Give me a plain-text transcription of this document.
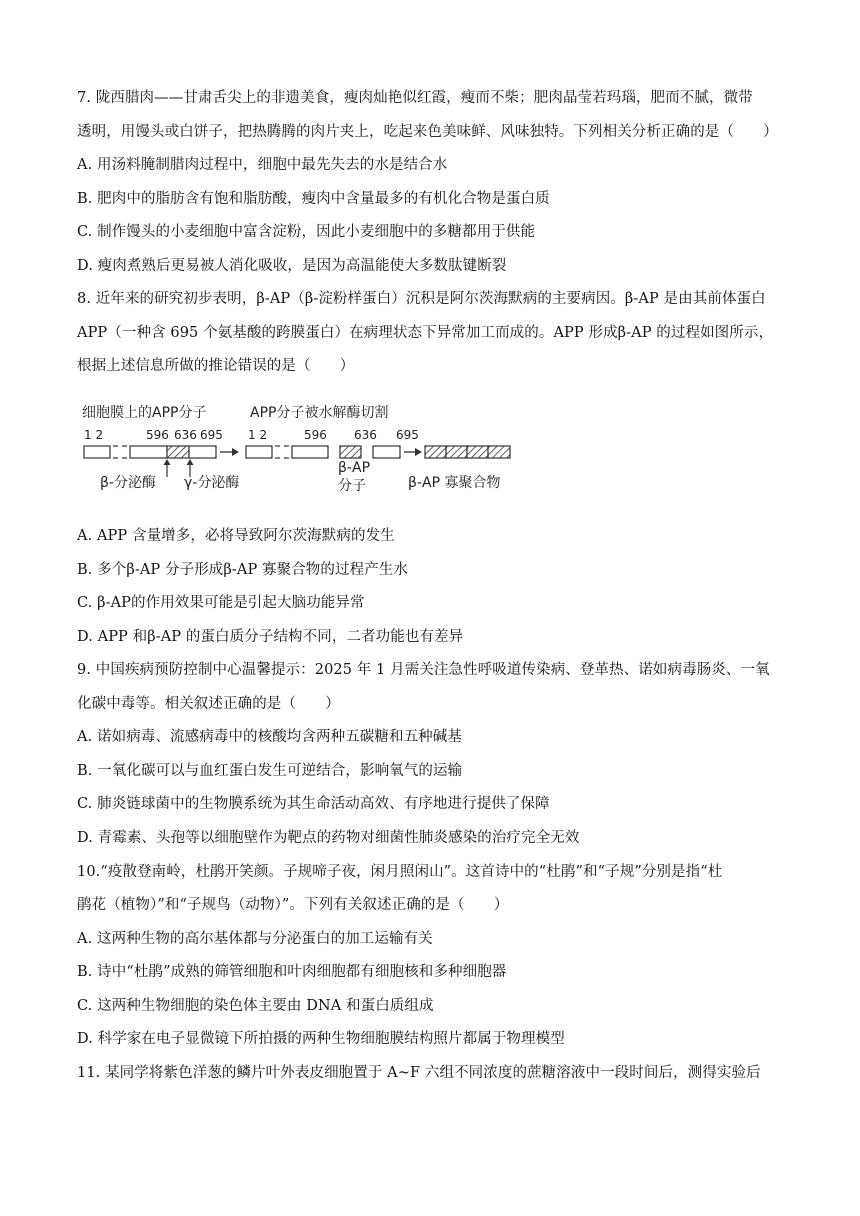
7. 陇西腊肉——甘肃舌尖上的非遗美食，瘦肉灿艳似红霞，瘦而不柴；肥肉晶莹若玛瑙，肥而不腻，微带
透明，用馒头或白饼子，把热腾腾的肉片夹上，吃起来色美味鲜、风味独特。下列相关分析正确的是（　　）
A. 用汤料腌制腊肉过程中，细胞中最先失去的水是结合水
B. 肥肉中的脂肪含有饱和脂肪酸，瘦肉中含量最多的有机化合物是蛋白质
C. 制作馒头的小麦细胞中富含淀粉，因此小麦细胞中的多糖都用于供能
D. 瘦肉煮熟后更易被人消化吸收，是因为高温能使大多数肽键断裂
8. 近年来的研究初步表明，β-AP（β-淀粉样蛋白）沉积是阿尔茨海默病的主要病因。β-AP 是由其前体蛋白
APP（一种含 695 个氨基酸的跨膜蛋白）在病理状态下异常加工而成的。APP 形成β-AP 的过程如图所示，
根据上述信息所做的推论错误的是（　　）
细胞膜上的APP分子	APP分子被水解酶切割
1 2	596 636 695
β-分泌酶 γ-分泌酶
1 2	596 636 695
β-AP
分子	β-AP 寡聚合物
A. APP 含量增多，必将导致阿尔茨海默病的发生
B. 多个β-AP 分子形成β-AP 寡聚合物的过程产生水
C. β-AP的作用效果可能是引起大脑功能异常
D. APP 和β-AP 的蛋白质分子结构不同，二者功能也有差异
9. 中国疾病预防控制中心温馨提示：2025 年 1 月需关注急性呼吸道传染病、登革热、诺如病毒肠炎、一氧
化碳中毒等。相关叙述正确的是（　　）
A. 诺如病毒、流感病毒中的核酸均含两种五碳糖和五种碱基
B. 一氧化碳可以与血红蛋白发生可逆结合，影响氧气的运输
C. 肺炎链球菌中的生物膜系统为其生命活动高效、有序地进行提供了保障
D. 青霉素、头孢等以细胞壁作为靶点的药物对细菌性肺炎感染的治疗完全无效
10.“疫散登南岭，杜鹃开笑颜。子规啼子夜，闲月照闲山”。这首诗中的“杜鹃”和“子规”分别是指“杜
鹃花（植物）”和“子规鸟（动物）”。下列有关叙述正确的是（　　）
A. 这两种生物的高尔基体都与分泌蛋白的加工运输有关
B. 诗中“杜鹃”成熟的筛管细胞和叶肉细胞都有细胞核和多种细胞器
C. 这两种生物细胞的染色体主要由 DNA 和蛋白质组成
D. 科学家在电子显微镜下所拍摄的两种生物细胞膜结构照片都属于物理模型
11. 某同学将紫色洋葱的鳞片叶外表皮细胞置于 A~F 六组不同浓度的蔗糖溶液中一段时间后，测得实验后
